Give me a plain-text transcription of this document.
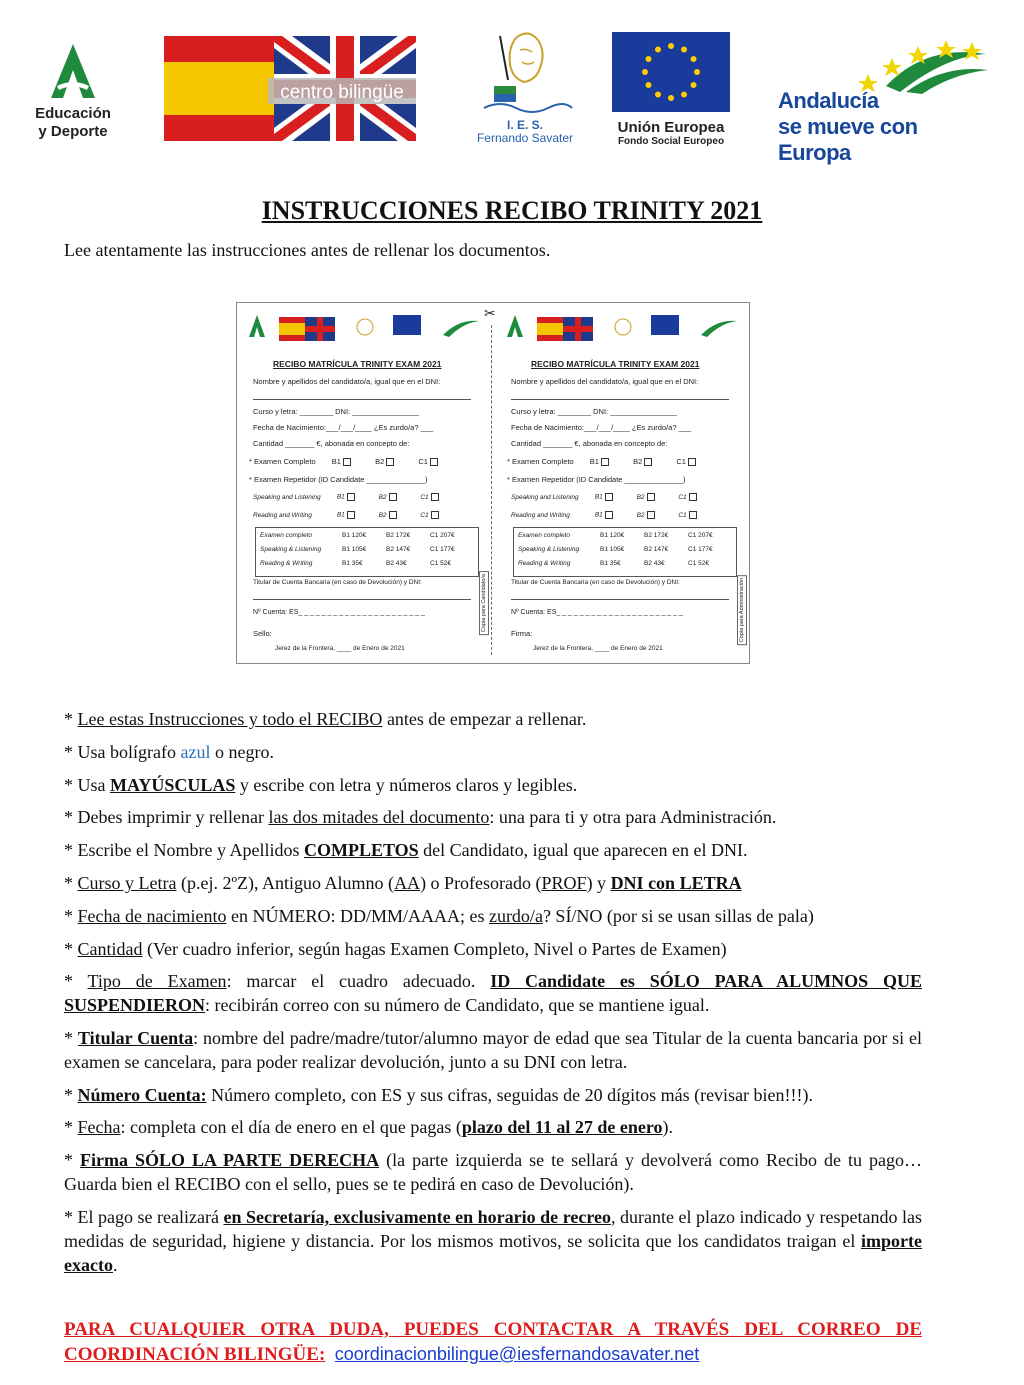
Educación
y Deporte
centro bilingüe
I. E. S.
Fernando Savater
Unión Europea
Fondo Social Europeo
Andalucía
se mueve con Europa
INSTRUCCIONES RECIBO TRINITY 2021
Lee atentamente las instrucciones antes de rellenar los documentos.
✂
RECIBO MATRÍCULA TRINITY EXAM 2021
Nombre y apellidos del candidato/a, igual que en el DNI:
Curso y letra: ________ DNI: ________________
Fecha de Nacimiento:___/___/____ ¿Es zurdo/a? ___
Cantidad _______ €, abonada en concepto de:
* Examen Completo B1	B2	C1
* Examen Repetidor (ID Candidate ______________)
Speaking and Listening B1	B2	C1
Reading and Writing	B1	B2	C1
Examen completo	B1 120€	B2 172€	C1 207€
Speaking & Listening	B1 105€	B2 147€	C1 177€
Reading & Writing	B1 35€	B2 43€	C1 52€
Titular de Cuenta Bancaria (en caso de Devolución) y DNI:
Nº Cuenta: ES_ _ _ _ _ _ _ _ _ _ _ _ _ _ _ _ _ _ _ _ _ _
Sello:
Jerez de la Frontera, ____ de Enero de 2021
Copia para Candidato/a
RECIBO MATRÍCULA TRINITY EXAM 2021
Nombre y apellidos del candidato/a, igual que en el DNI:
Curso y letra: ________ DNI: ________________
Fecha de Nacimiento:___/___/____ ¿Es zurdo/a? ___
Cantidad _______ €, abonada en concepto de:
* Examen Completo B1	B2	C1
* Examen Repetidor (ID Candidate ______________)
Speaking and Listening B1	B2	C1
Reading and Writing	B1	B2	C1
Examen completo	B1 120€	B2 172€	C1 207€
Speaking & Listening	B1 105€	B2 147€	C1 177€
Reading & Writing	B1 35€	B2 43€	C1 52€
Titular de Cuenta Bancaria (en caso de Devolución) y DNI:
Nº Cuenta: ES_ _ _ _ _ _ _ _ _ _ _ _ _ _ _ _ _ _ _ _ _ _
Firma:
Jerez de la Frontera, ____ de Enero de 2021
Copia para Administración
* Lee estas Instrucciones y todo el RECIBO antes de empezar a rellenar.
* Usa bolígrafo azul o negro.
* Usa MAYÚSCULAS y escribe con letra y números claros y legibles.
* Debes imprimir y rellenar las dos mitades del documento: una para ti y otra para Administración.
* Escribe el Nombre y Apellidos COMPLETOS del Candidato, igual que aparecen en el DNI.
* Curso y Letra (p.ej. 2ºZ), Antiguo Alumno (AA) o Profesorado (PROF) y DNI con LETRA
* Fecha de nacimiento en NÚMERO: DD/MM/AAAA; es zurdo/a? SÍ/NO (por si se usan sillas de pala)
* Cantidad (Ver cuadro inferior, según hagas Examen Completo, Nivel o Partes de Examen)
* Tipo de Examen: marcar el cuadro adecuado. ID Candidate es SÓLO PARA ALUMNOS QUE SUSPENDIERON: recibirán correo con su número de Candidato, que se mantiene igual.
* Titular Cuenta: nombre del padre/madre/tutor/alumno mayor de edad que sea Titular de la cuenta bancaria por si el examen se cancelara, para poder realizar devolución, junto a su DNI con letra.
* Número Cuenta: Número completo, con ES y sus cifras, seguidas de 20 dígitos más (revisar bien!!!).
* Fecha: completa con el día de enero en el que pagas (plazo del 11 al 27 de enero).
* Firma SÓLO LA PARTE DERECHA (la parte izquierda se te sellará y devolverá como Recibo de tu pago… Guarda bien el RECIBO con el sello, pues se te pedirá en caso de Devolución).
* El pago se realizará en Secretaría, exclusivamente en horario de recreo, durante el plazo indicado y respetando las medidas de seguridad, higiene y distancia. Por los mismos motivos, se solicita que los candidatos traigan el importe exacto.
PARA CUALQUIER OTRA DUDA, PUEDES CONTACTAR A TRAVÉS DEL CORREO DE COORDINACIÓN BILINGÜE: coordinacionbilingue@iesfernandosavater.net
